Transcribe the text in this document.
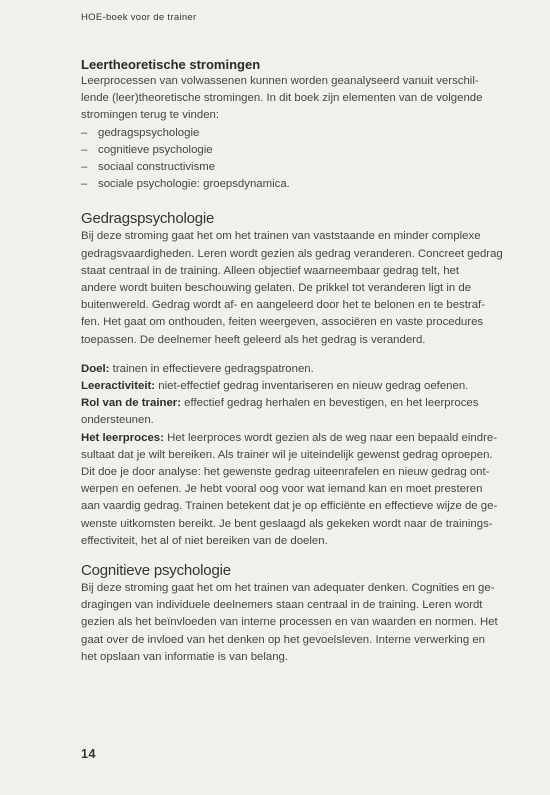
HOE-boek voor de trainer
Leertheoretische stromingen

Leerprocessen van volwassenen kunnen worden geanalyseerd vanuit verschil-
lende (leer)theoretische stromingen. In dit boek zijn elementen van de volgende
stromingen terug te vinden:

– gedragspsychologie
– cognitieve psychologie
– sociaal constructivisme
– sociale psychologie: groepsdynamica.
Gedragspsychologie

Bij deze stroming gaat het om het trainen van vaststaande en minder complexe
gedragsvaardigheden. Leren wordt gezien als gedrag veranderen. Concreet gedrag
staat centraal in de training. Alleen objectief waarneembaar gedrag telt, het
andere wordt buiten beschouwing gelaten. De prikkel tot veranderen ligt in de
buitenwereld. Gedrag wordt af- en aangeleerd door het te belonen en te bestraf-
fen. Het gaat om onthouden, feiten weergeven, associëren en vaste procedures
toepassen. De deelnemer heeft geleerd als het gedrag is veranderd.

Doel: trainen in effectievere gedragspatronen.

Leeractiviteit: niet-effectief gedrag inventariseren en nieuw gedrag oefenen.

Rol van de trainer: effectief gedrag herhalen en bevestigen, en het leerproces
ondersteunen.

Het leerproces: Het leerproces wordt gezien als de weg naar een bepaald eindre-
sultaat dat je wilt bereiken. Als trainer wil je uiteindelijk gewenst gedrag oproepen.
Dit doe je door analyse: het gewenste gedrag uiteenrafelen en nieuw gedrag ont-
werpen en oefenen. Je hebt vooral oog voor wat iemand kan en moet presteren
aan vaardig gedrag. Trainen betekent dat je op efficiënte en effectieve wijze de ge-
wenste uitkomsten bereikt. Je bent geslaagd als gekeken wordt naar de trainings-
effectiviteit, het al of niet bereiken van de doelen.

Cognitieve psychologie

Bij deze stroming gaat het om het trainen van adequater denken. Cognities en ge-
dragingen van individuele deelnemers staan centraal in de training. Leren wordt
gezien als het beïnvloeden van interne processen en van waarden en normen. Het
gaat over de invloed van het denken op het gevoelsleven. Interne verwerking en
het opslaan van informatie is van belang.

14
